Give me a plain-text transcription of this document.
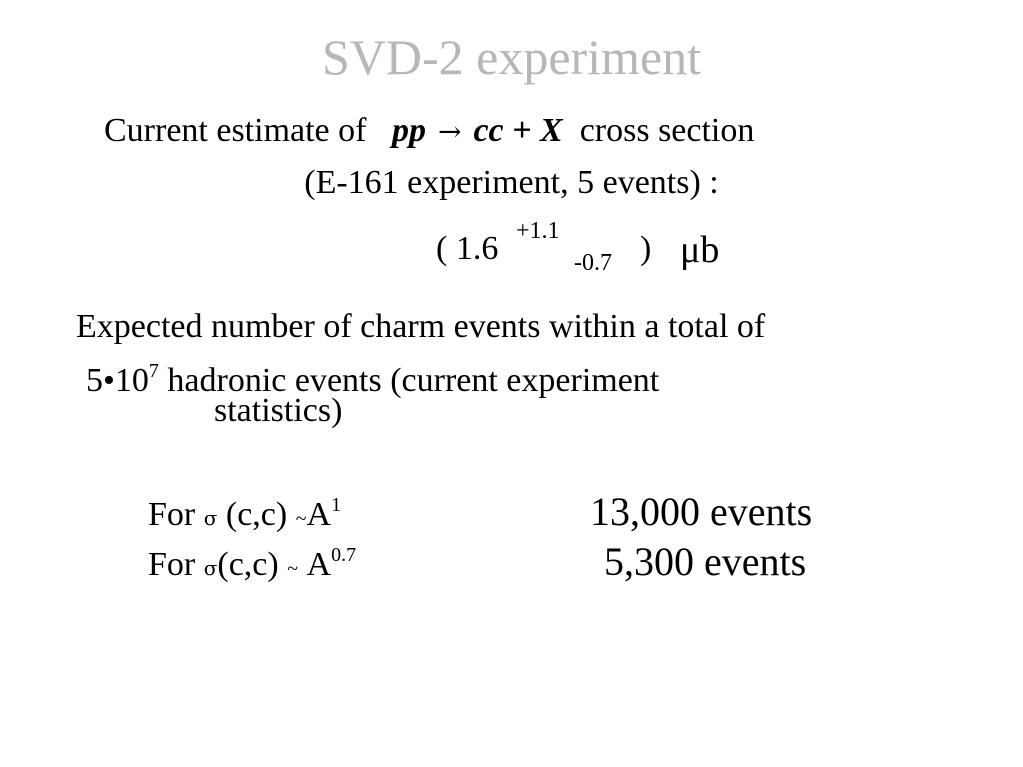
SVD-2 experiment
Current estimate of pp → cc + X cross section
(E-161 experiment, 5 events) :
( 1.6 +1.1
-0.7 ) μb
Expected number of charm events within a total of
$5•10^7$ hadronic events (current experiment
statistics)
For σ (c,c) $\sim A^1$	13,000 events
For σ(c,c) ~ $A^{0.7}$	5,300 events
